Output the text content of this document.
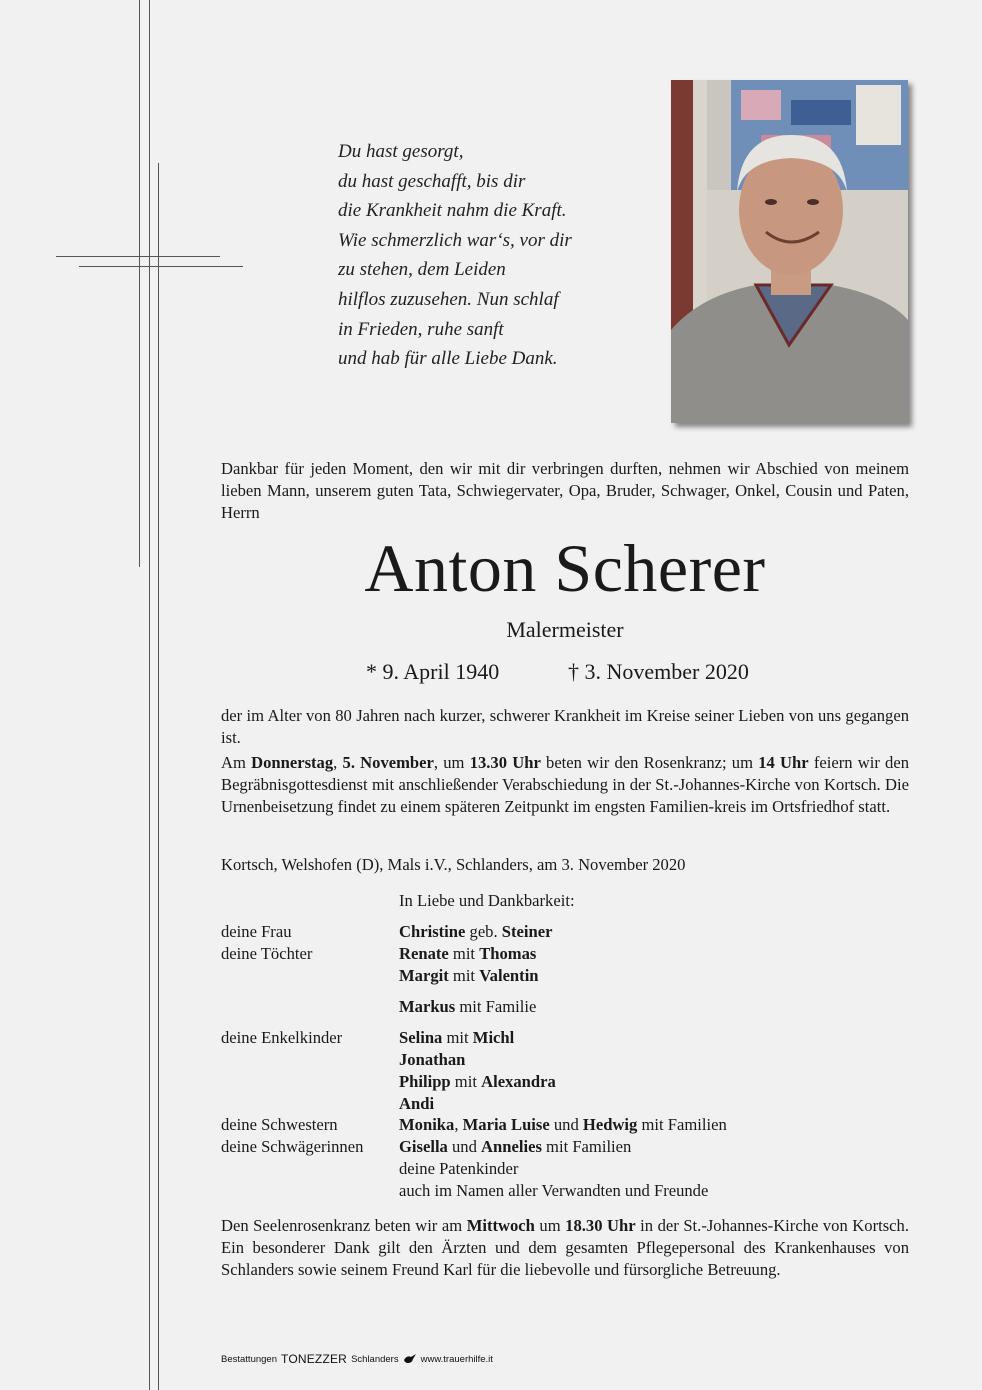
Du hast gesorgt,
du hast geschafft, bis dir
die Krankheit nahm die Kraft.
Wie schmerzlich war‘s, vor dir
zu stehen, dem Leiden
hilflos zuzusehen. Nun schlaf
in Frieden, ruhe sanft
und hab für alle Liebe Dank.
Dankbar für jeden Moment, den wir mit dir verbringen durften, nehmen wir Abschied von meinem lieben Mann, unserem guten Tata, Schwiegervater, Opa, Bruder, Schwager, Onkel, Cousin und Paten, Herrn
Anton Scherer
Malermeister
* 9. April 1940	† 3. November 2020
der im Alter von 80 Jahren nach kurzer, schwerer Krankheit im Kreise seiner Lieben von uns gegangen ist.
Am Donnerstag, 5. November, um 13.30 Uhr beten wir den Rosenkranz; um 14 Uhr feiern wir den Begräbnisgottesdienst mit anschließender Verabschiedung in der St.-Johannes-Kirche von Kortsch. Die Urnenbeisetzung findet zu einem späteren Zeitpunkt im engsten Familien-kreis im Ortsfriedhof statt.
Kortsch, Welshofen (D), Mals i.V., Schlanders, am 3. November 2020
In Liebe und Dankbarkeit:
deine Frau	Christine geb. Steiner
deine Töchter	Renate mit Thomas
Margit mit Valentin
Markus mit Familie
deine Enkelkinder	Selina mit Michl
Jonathan
Philipp mit Alexandra
Andi
deine Schwestern	Monika, Maria Luise und Hedwig mit Familien
deine Schwägerinnen Gisella und Annelies mit Familien
deine Patenkinder
auch im Namen aller Verwandten und Freunde
Den Seelenrosenkranz beten wir am Mittwoch um 18.30 Uhr in der St.-Johannes-Kirche von Kortsch. Ein besonderer Dank gilt den Ärzten und dem gesamten Pflegepersonal des Krankenhauses von Schlanders sowie seinem Freund Karl für die liebevolle und fürsorgliche Betreuung.
Bestattungen TONEZZER Schlanders www.trauerhilfe.it
